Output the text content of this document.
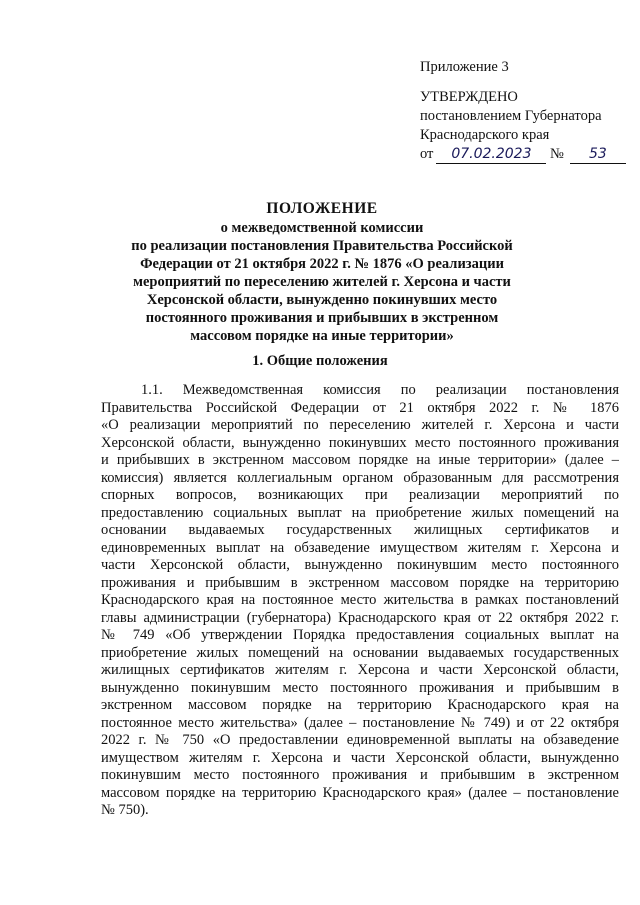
Приложение 3
УТВЕРЖДЕНО
постановлением Губернатора
Краснодарского края
от 07.02.2023 № 53
ПОЛОЖЕНИЕ
о межведомственной комиссии
по реализации постановления Правительства Российской
Федерации от 21 октября 2022 г. № 1876 «О реализации
мероприятий по переселению жителей г. Херсона и части
Херсонской области, вынужденно покинувших место
постоянного проживания и прибывших в экстренном
массовом порядке на иные территории»
1. Общие положения
1.1. Межведомственная комиссия по реализации постановления
Правительства Российской Федерации от 21 октября 2022 г. № 1876
«О реализации мероприятий по переселению жителей г. Херсона и части
Херсонской области, вынужденно покинувших место постоянного проживания
и прибывших в экстренном массовом порядке на иные территории» (далее –
комиссия) является коллегиальным органом образованным для рассмотрения
спорных вопросов, возникающих при реализации мероприятий по
предоставлению социальных выплат на приобретение жилых помещений на
основании выдаваемых государственных жилищных сертификатов и
единовременных выплат на обзаведение имуществом жителям г. Херсона и
части Херсонской области, вынужденно покинувшим место постоянного
проживания и прибывшим в экстренном массовом порядке на территорию
Краснодарского края на постоянное место жительства в рамках постановлений
главы администрации (губернатора) Краснодарского края от 22 октября 2022 г.
№ 749 «Об утверждении Порядка предоставления социальных выплат на
приобретение жилых помещений на основании выдаваемых государственных
жилищных сертификатов жителям г. Херсона и части Херсонской области,
вынужденно покинувшим место постоянного проживания и прибывшим в
экстренном массовом порядке на территорию Краснодарского края на
постоянное место жительства» (далее – постановление № 749) и от 22 октября
2022 г. № 750 «О предоставлении единовременной выплаты на обзаведение
имуществом жителям г. Херсона и части Херсонской области, вынужденно
покинувшим место постоянного проживания и прибывшим в экстренном
массовом порядке на территорию Краснодарского края» (далее – постановление
№ 750).
